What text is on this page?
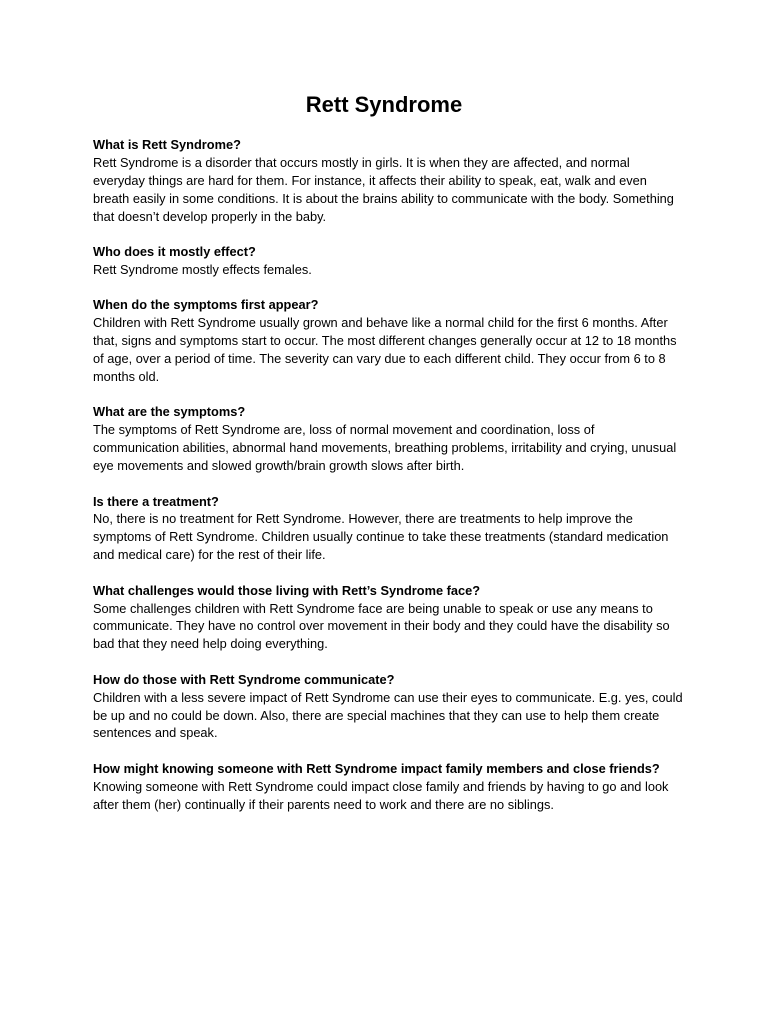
Rett Syndrome

What is Rett Syndrome?

Rett Syndrome is a disorder that occurs mostly in girls. It is when they are affected, and normal everyday things are hard for them. For instance, it affects their ability to speak, eat, walk and even breath easily in some conditions. It is about the brains ability to communicate with the body. Something that doesn’t develop properly in the baby.

Who does it mostly effect?

Rett Syndrome mostly effects females.

When do the symptoms first appear?

Children with Rett Syndrome usually grown and behave like a normal child for the first 6 months. After that, signs and symptoms start to occur. The most different changes generally occur at 12 to 18 months of age, over a period of time. The severity can vary due to each different child. They occur from 6 to 8 months old.

What are the symptoms?

The symptoms of Rett Syndrome are, loss of normal movement and coordination, loss of communication abilities, abnormal hand movements, breathing problems, irritability and crying, unusual eye movements and slowed growth/brain growth slows after birth.

Is there a treatment?

No, there is no treatment for Rett Syndrome. However, there are treatments to help improve the symptoms of Rett Syndrome. Children usually continue to take these treatments (standard medication and medical care) for the rest of their life.

What challenges would those living with Rett’s Syndrome face?

Some challenges children with Rett Syndrome face are being unable to speak or use any means to communicate. They have no control over movement in their body and they could have the disability so bad that they need help doing everything.

How do those with Rett Syndrome communicate?

Children with a less severe impact of Rett Syndrome can use their eyes to communicate. E.g. yes, could be up and no could be down. Also, there are special machines that they can use to help them create sentences and speak.

How might knowing someone with Rett Syndrome impact family members and close friends?

Knowing someone with Rett Syndrome could impact close family and friends by having to go and look after them (her) continually if their parents need to work and there are no siblings.
